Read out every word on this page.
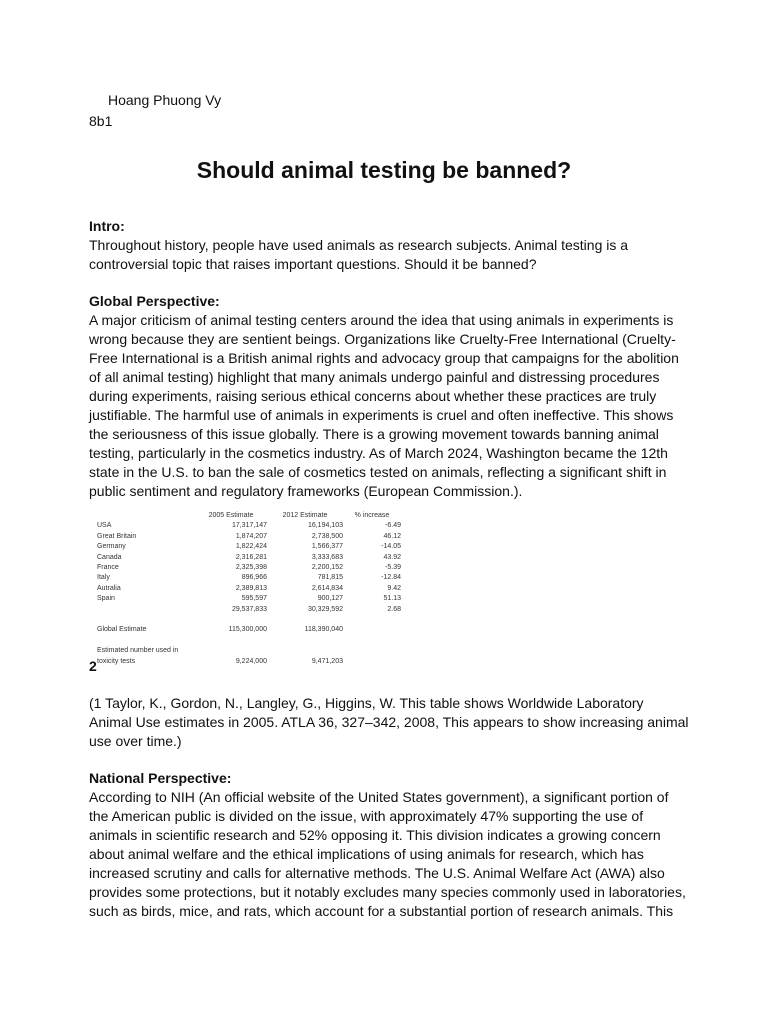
Hoang Phuong Vy
8b1
Should animal testing be banned?

Intro:

Throughout history, people have used animals as research subjects. Animal testing is a controversial topic that raises important questions. Should it be banned?

Global Perspective:

A major criticism of animal testing centers around the idea that using animals in experiments is wrong because they are sentient beings. Organizations like Cruelty-Free International (Cruelty-Free International is a British animal rights and advocacy group that campaigns for the abolition of all animal testing) highlight that many animals undergo painful and distressing procedures during experiments, raising serious ethical concerns about whether these practices are truly justifiable. The harmful use of animals in experiments is cruel and often ineffective. This shows the seriousness of this issue globally. There is a growing movement towards banning animal testing, particularly in the cosmetics industry. As of March 2024, Washington became the 12th state in the U.S. to ban the sale of cosmetics tested on animals, reflecting a significant shift in public sentiment and regulatory frameworks (European Commission.).

	2005 Estimate	2012 Estimate	% increase
USA	17,317,147	16,194,103	-6.49
Great Britain	1,874,207	2,738,500	46.12
Germany	1,822,424	1,566,377	-14.05
Canada	2,316,281	3,333,683	43.92
France	2,325,398	2,200,152	-5.39
Italy	896,966	781,815	-12.84
Autralia	2,389,813	2,614,834	9.42
Spain	595,597	900,127	51.13
	29,537,833	30,329,592	2.68

Global Estimate	115,300,000	118,390,040	

Estimated number used in			
toxicity tests	9,224,000	9,471,203	
2

(1 Taylor, K., Gordon, N., Langley, G., Higgins, W. This table shows Worldwide Laboratory Animal Use estimates in 2005. ATLA 36, 327–342, 2008, This appears to show increasing animal use over time.)

National Perspective:

According to NIH (An official website of the United States government), a significant portion of the American public is divided on the issue, with approximately 47% supporting the use of animals in scientific research and 52% opposing it. This division indicates a growing concern about animal welfare and the ethical implications of using animals for research, which has increased scrutiny and calls for alternative methods. The U.S. Animal Welfare Act (AWA) also provides some protections, but it notably excludes many species commonly used in laboratories, such as birds, mice, and rats, which account for a substantial portion of research animals. This
